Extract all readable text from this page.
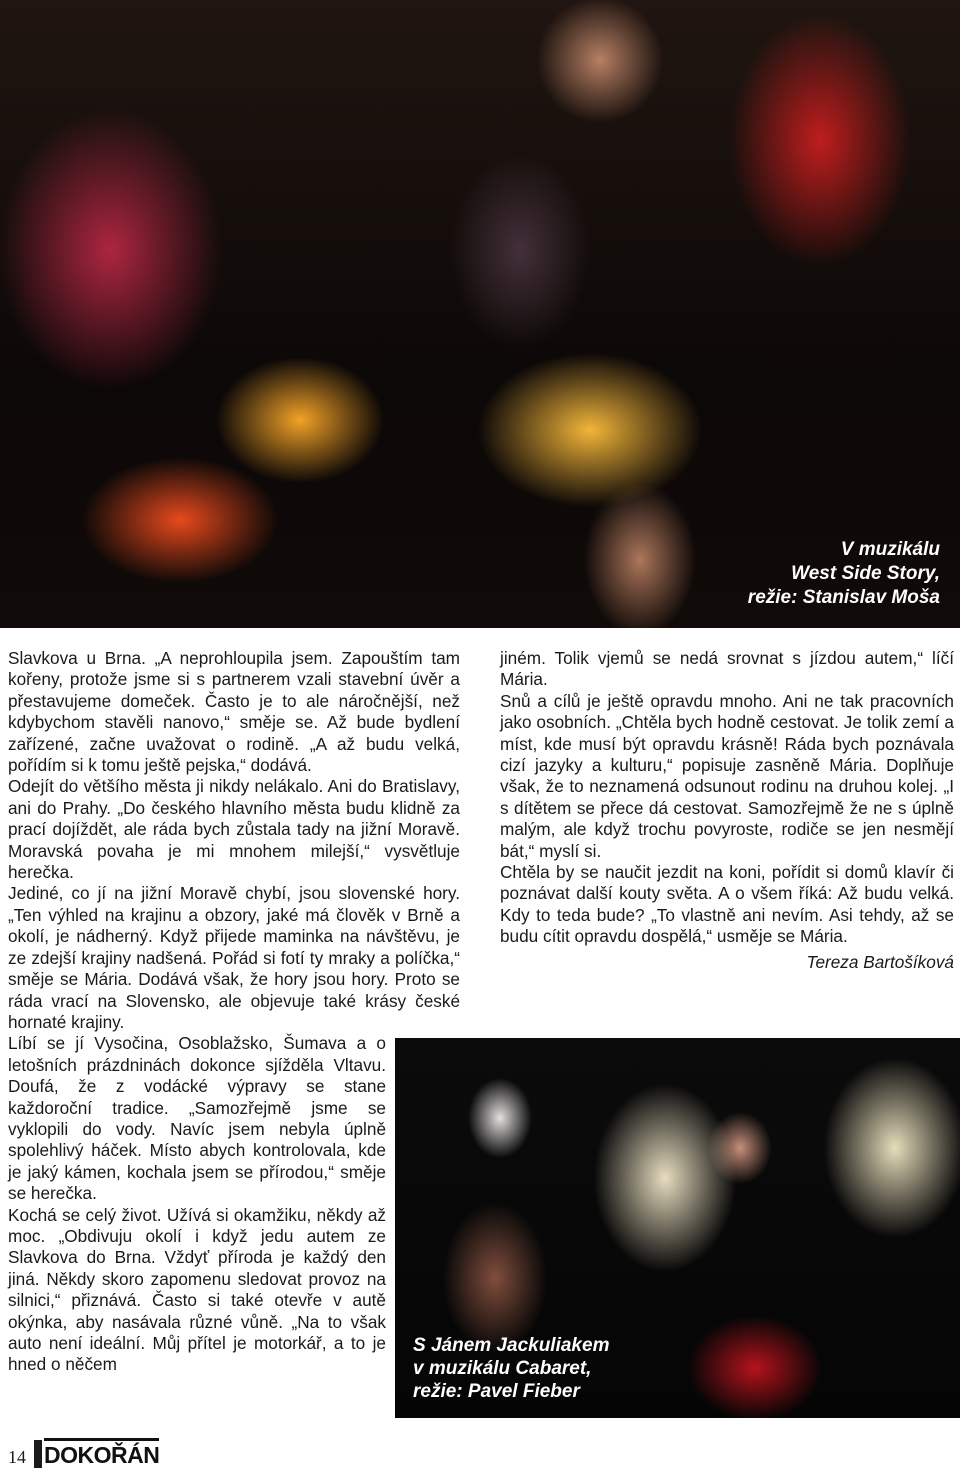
V muzikálu
West Side Story,
režie: Stanislav Moša

Slavkova u Brna. „A neprohloupila jsem. Zapouštím tam kořeny, protože jsme si s partnerem vzali stavební úvěr a přestavujeme domeček. Často je to ale náročnější, než kdybychom stavěli nanovo,“ směje se. Až bude bydlení zařízené, začne uvažovat o rodině. „A až budu velká, pořídím si k tomu ještě pejska,“ dodává.

Odejít do většího města ji nikdy nelákalo. Ani do Bratislavy, ani do Prahy. „Do českého hlavního města budu klidně za prací dojíždět, ale ráda bych zůstala tady na jižní Moravě. Moravská povaha je mi mnohem milejší,“ vysvětluje herečka.

Jediné, co jí na jižní Moravě chybí, jsou slovenské hory. „Ten výhled na krajinu a obzory, jaké má člověk v Brně a okolí, je nádherný. Když přijede maminka na návštěvu, je ze zdejší krajiny nadšená. Pořád si fotí ty mraky a políčka,“ směje se Mária. Dodává však, že hory jsou hory. Proto se ráda vrací na Slovensko, ale objevuje také krásy české hornaté krajiny.

Líbí se jí Vysočina, Osoblažsko, Šumava a o letošních prázdninách dokonce sjížděla Vltavu. Doufá, že z vodácké výpravy se stane každoroční tradice. „Samozřejmě jsme se vyklopili do vody. Navíc jsem nebyla úplně spolehlivý háček. Místo abych kontrolovala, kde je jaký kámen, kochala jsem se přírodou,“ směje se herečka.

Kochá se celý život. Užívá si okamžiku, někdy až moc. „Obdivuju okolí i když jedu autem ze Slavkova do Brna. Vždyť příroda je každý den jiná. Někdy skoro zapomenu sledovat provoz na silnici,“ přiznává. Často si také otevře v autě okýnka, aby nasávala různé vůně. „Na to však auto není ideální. Můj přítel je motorkář, a to je hned o něčem

jiném. Tolik vjemů se nedá srovnat s jízdou autem,“ líčí Mária.

Snů a cílů je ještě opravdu mnoho. Ani ne tak pracovních jako osobních. „Chtěla bych hodně cestovat. Je tolik zemí a míst, kde musí být opravdu krásně! Ráda bych poznávala cizí jazyky a kulturu,“ popisuje zasněně Mária. Doplňuje však, že to neznamená odsunout rodinu na druhou kolej. „I s dítětem se přece dá cestovat. Samozřejmě že ne s úplně malým, ale když trochu povyroste, rodiče se jen nesmějí bát,“ myslí si.

Chtěla by se naučit jezdit na koni, pořídit si domů klavír či poznávat další kouty světa. A o všem říká: Až budu velká. Kdy to teda bude? „To vlastně ani nevím. Asi tehdy, až se budu cítit opravdu dospělá,“ usměje se Mária.

Tereza Bartošíková

S Jánem Jackuliakem
v muzikálu Cabaret,
režie: Pavel Fieber
14 DOKOŘÁN
